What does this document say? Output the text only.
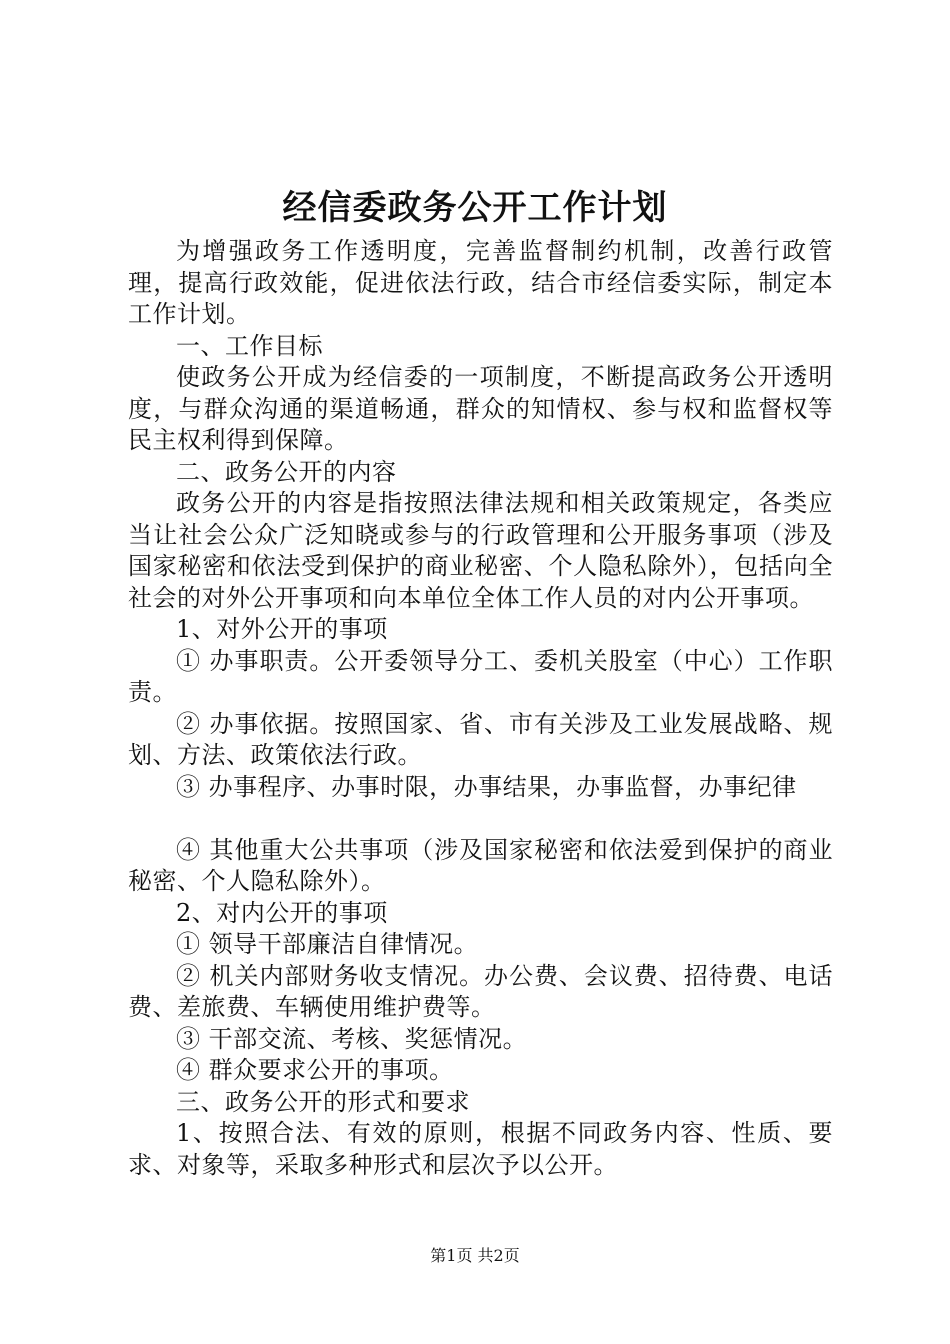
经信委政务公开工作计划

为增强政务工作透明度，完善监督制约机制，改善行政管理，提高行政效能，促进依法行政，结合市经信委实际，制定本工作计划。

一、工作目标

使政务公开成为经信委的一项制度，不断提高政务公开透明度，与群众沟通的渠道畅通，群众的知情权、参与权和监督权等民主权利得到保障。

二、政务公开的内容

政务公开的内容是指按照法律法规和相关政策规定，各类应当让社会公众广泛知晓或参与的行政管理和公开服务事项（涉及国家秘密和依法受到保护的商业秘密、个人隐私除外），包括向全社会的对外公开事项和向本单位全体工作人员的对内公开事项。

1、对外公开的事项

① 办事职责。公开委领导分工、委机关股室（中心）工作职责。

② 办事依据。按照国家、省、市有关涉及工业发展战略、规划、方法、政策依法行政。

③ 办事程序、办事时限，办事结果，办事监督，办事纪律

④ 其他重大公共事项（涉及国家秘密和依法爱到保护的商业秘密、个人隐私除外）。

2、对内公开的事项

① 领导干部廉洁自律情况。

② 机关内部财务收支情况。办公费、会议费、招待费、电话费、差旅费、车辆使用维护费等。

③ 干部交流、考核、奖惩情况。

④ 群众要求公开的事项。

三、政务公开的形式和要求

1、按照合法、有效的原则，根据不同政务内容、性质、要求、对象等，采取多种形式和层次予以公开。

第1页 共2页
